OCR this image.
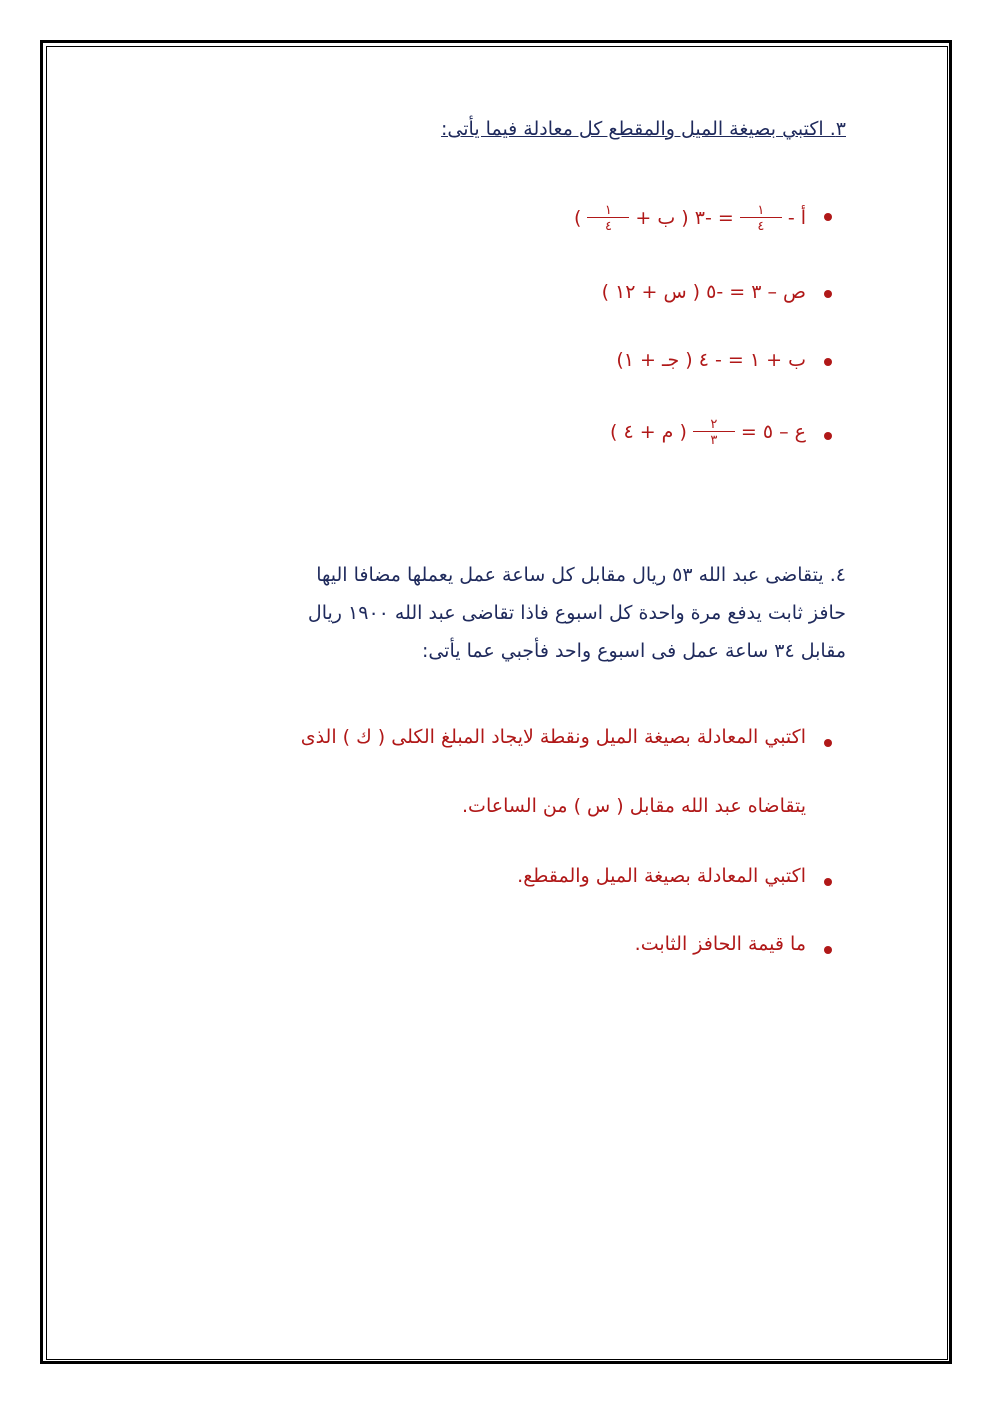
٣. اكتبي بصيغة الميل والمقطع كل معادلة فيما يأتى:
أ -
$\frac{١}{٤}$
= -٣ ( ب +
$\frac{١}{٤}$
)
ص – ٣ = -٥ ( س + ١٢ )
ب + ١ = - ٤ ( جـ + ١)
ع – ٥ =
$\frac{٢}{٣}$
( م + ٤ )
٤. يتقاضى عبد الله ٥٣ ريال مقابل كل ساعة عمل يعملها مضافا اليها
حافز ثابت يدفع مرة واحدة كل اسبوع فاذا تقاضى عبد الله ١٩٠٠ ريال
مقابل ٣٤ ساعة عمل فى اسبوع واحد فأجبي عما يأتى:
اكتبي المعادلة بصيغة الميل ونقطة لايجاد المبلغ الكلى ( ك ) الذى
يتقاضاه عبد الله مقابل ( س ) من الساعات.
اكتبي المعادلة بصيغة الميل والمقطع.
ما قيمة الحافز الثابت.
